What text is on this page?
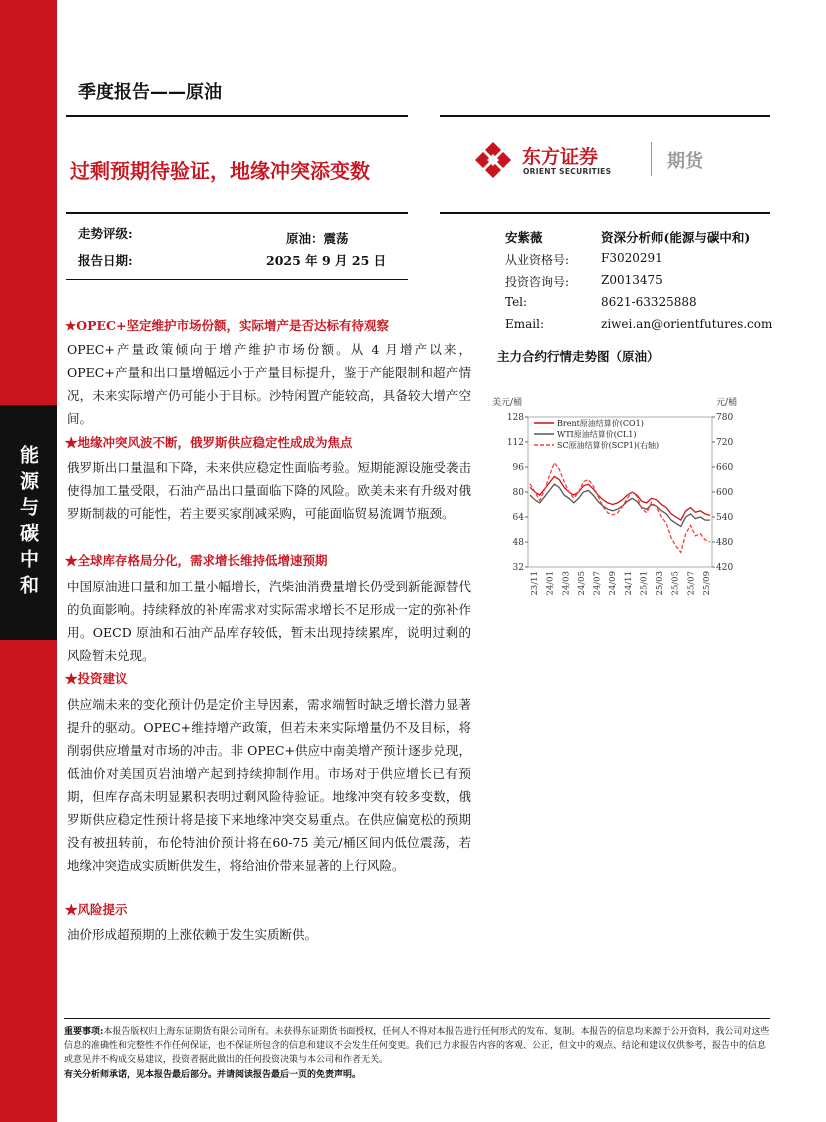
能源与碳中和
季度报告——原油
过剩预期待验证，地缘冲突添变数
东方证券
ORIENT SECURITIES	期货
走势评级:	原油：震荡
报告日期:	2025 年 9 月 25 日
安紫薇	资深分析师(能源与碳中和)
从业资格号:	F3020291
投资咨询号:	Z0013475
Tel:	8621-63325888
Email:	ziwei.an@orientfutures.com
★OPEC+坚定维护市场份额，实际增产是否达标有待观察
OPEC+产量政策倾向于增产维护市场份额。从 4 月增产以来，OPEC+产量和出口量增幅远小于产量目标提升，鉴于产能限制和超产情况，未来实际增产仍可能小于目标。沙特闲置产能较高，具备较大增产空间。
★地缘冲突风波不断，俄罗斯供应稳定性成成为焦点
俄罗斯出口量温和下降，未来供应稳定性面临考验。短期能源设施受袭击使得加工量受限，石油产品出口量面临下降的风险。欧美未来有升级对俄罗斯制裁的可能性，若主要买家削减采购，可能面临贸易流调节瓶颈。
★全球库存格局分化，需求增长维持低增速预期
中国原油进口量和加工量小幅增长，汽柴油消费量增长仍受到新能源替代的负面影响。持续释放的补库需求对实际需求增长不足形成一定的弥补作用。OECD 原油和石油产品库存较低，暂未出现持续累库，说明过剩的风险暂未兑现。
★投资建议
供应端未来的变化预计仍是定价主导因素，需求端暂时缺乏增长潜力显著提升的驱动。OPEC+维持增产政策，但若未来实际增量仍不及目标，将削弱供应增量对市场的冲击。非 OPEC+供应中南美增产预计逐步兑现，低油价对美国页岩油增产起到持续抑制作用。市场对于供应增长已有预期，但库存高未明显累积表明过剩风险待验证。地缘冲突有较多变数，俄罗斯供应稳定性预计将是接下来地缘冲突交易重点。在供应偏宽松的预期没有被扭转前，布伦特油价预计将在60-75 美元/桶区间内低位震荡，若地缘冲突造成实质断供发生，将给油价带来显著的上行风险。
★风险提示
油价形成超预期的上涨依赖于发生实质断供。
主力合约行情走势图（原油）
128
112
96
80
64
48
32
780
720
660
600
540
480
420
美元/桶	元/桶
23/11 24/01 24/03 24/05 24/07 24/09 24/11 25/01 25/03 25/05 25/07 25/09
Brent原油结算价(CO1)
WTI原油结算价(CL1)
SC原油结算价(SCP1)(右轴)
重要事项:本报告版权归上海东证期货有限公司所有。未获得东证期货书面授权，任何人不得对本报告进行任何形式的发布、复制。本报告的信息均来源于公开资料，我公司对这些信息的准确性和完整性不作任何保证，也不保证所包含的信息和建议不会发生任何变更。我们已力求报告内容的客观、公正，但文中的观点、结论和建议仅供参考，报告中的信息或意见并不构成交易建议，投资者据此做出的任何投资决策与本公司和作者无关。
有关分析师承诺，见本报告最后部分。并请阅读报告最后一页的免责声明。
